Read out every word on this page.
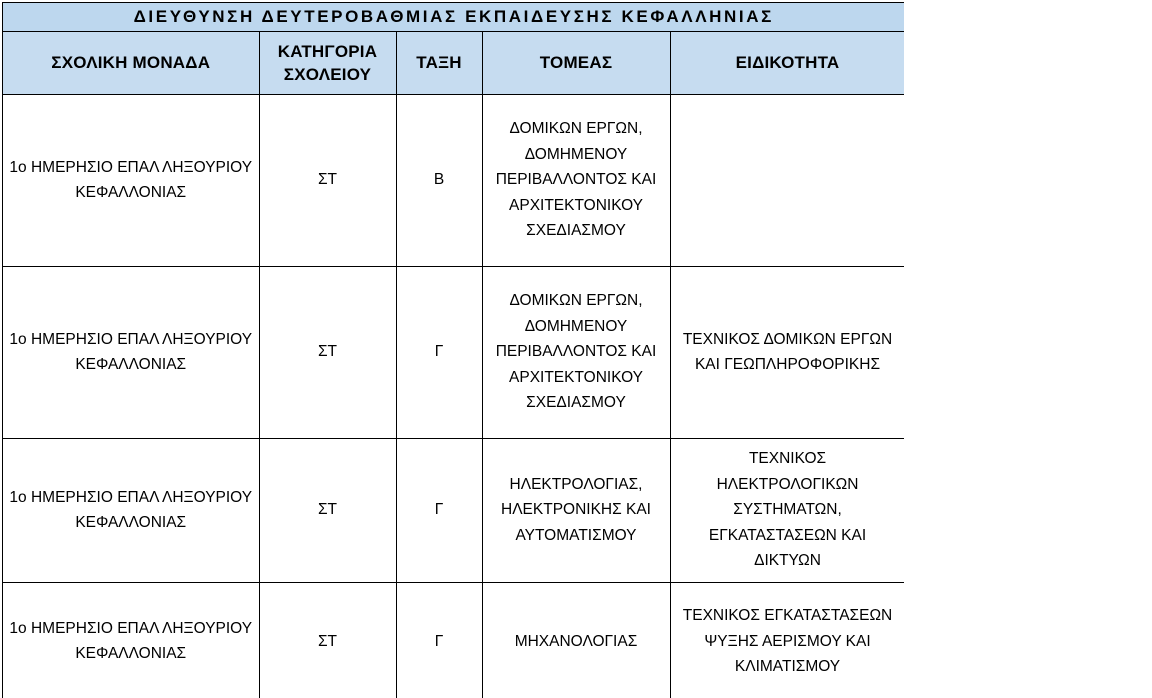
ΔΙΕΥΘΥΝΣΗ ΔΕΥΤΕΡΟΒΑΘΜΙΑΣ ΕΚΠΑΙΔΕΥΣΗΣ ΚΕΦΑΛΛΗΝΙΑΣ				
ΣΧΟΛΙΚΗ ΜΟΝΑΔΑ	ΚΑΤΗΓΟΡΙΑ ΣΧΟΛΕΙΟΥ	ΤΑΞΗ	ΤΟΜΕΑΣ	ΕΙΔΙΚΟΤΗΤΑ
1ο ΗΜΕΡΗΣΙΟ ΕΠΑΛ ΛΗΞΟΥΡΙΟΥ ΚΕΦΑΛΛΟΝΙΑΣ	ΣΤ	Β	ΔΟΜΙΚΩΝ ΕΡΓΩΝ, ΔΟΜΗΜΕΝΟΥ ΠΕΡΙΒΑΛΛΟΝΤΟΣ ΚΑΙ ΑΡΧΙΤΕΚΤΟΝΙΚΟΥ ΣΧΕΔΙΑΣΜΟΥ	
1ο ΗΜΕΡΗΣΙΟ ΕΠΑΛ ΛΗΞΟΥΡΙΟΥ ΚΕΦΑΛΛΟΝΙΑΣ	ΣΤ	Γ	ΔΟΜΙΚΩΝ ΕΡΓΩΝ, ΔΟΜΗΜΕΝΟΥ ΠΕΡΙΒΑΛΛΟΝΤΟΣ ΚΑΙ ΑΡΧΙΤΕΚΤΟΝΙΚΟΥ ΣΧΕΔΙΑΣΜΟΥ	ΤΕΧΝΙΚΟΣ ΔΟΜΙΚΩΝ ΕΡΓΩΝ ΚΑΙ ΓΕΩΠΛΗΡΟΦΟΡΙΚΗΣ
1ο ΗΜΕΡΗΣΙΟ ΕΠΑΛ ΛΗΞΟΥΡΙΟΥ ΚΕΦΑΛΛΟΝΙΑΣ	ΣΤ	Γ	ΗΛΕΚΤΡΟΛΟΓΙΑΣ, ΗΛΕΚΤΡΟΝΙΚΗΣ ΚΑΙ ΑΥΤΟΜΑΤΙΣΜΟΥ	ΤΕΧΝΙΚΟΣ ΗΛΕΚΤΡΟΛΟΓΙΚΩΝ ΣΥΣΤΗΜΑΤΩΝ, ΕΓΚΑΤΑΣΤΑΣΕΩΝ ΚΑΙ ΔΙΚΤΥΩΝ
1ο ΗΜΕΡΗΣΙΟ ΕΠΑΛ ΛΗΞΟΥΡΙΟΥ ΚΕΦΑΛΛΟΝΙΑΣ	ΣΤ	Γ	ΜΗΧΑΝΟΛΟΓΙΑΣ	ΤΕΧΝΙΚΟΣ ΕΓΚΑΤΑΣΤΑΣΕΩΝ ΨΥΞΗΣ ΑΕΡΙΣΜΟΥ ΚΑΙ ΚΛΙΜΑΤΙΣΜΟΥ
